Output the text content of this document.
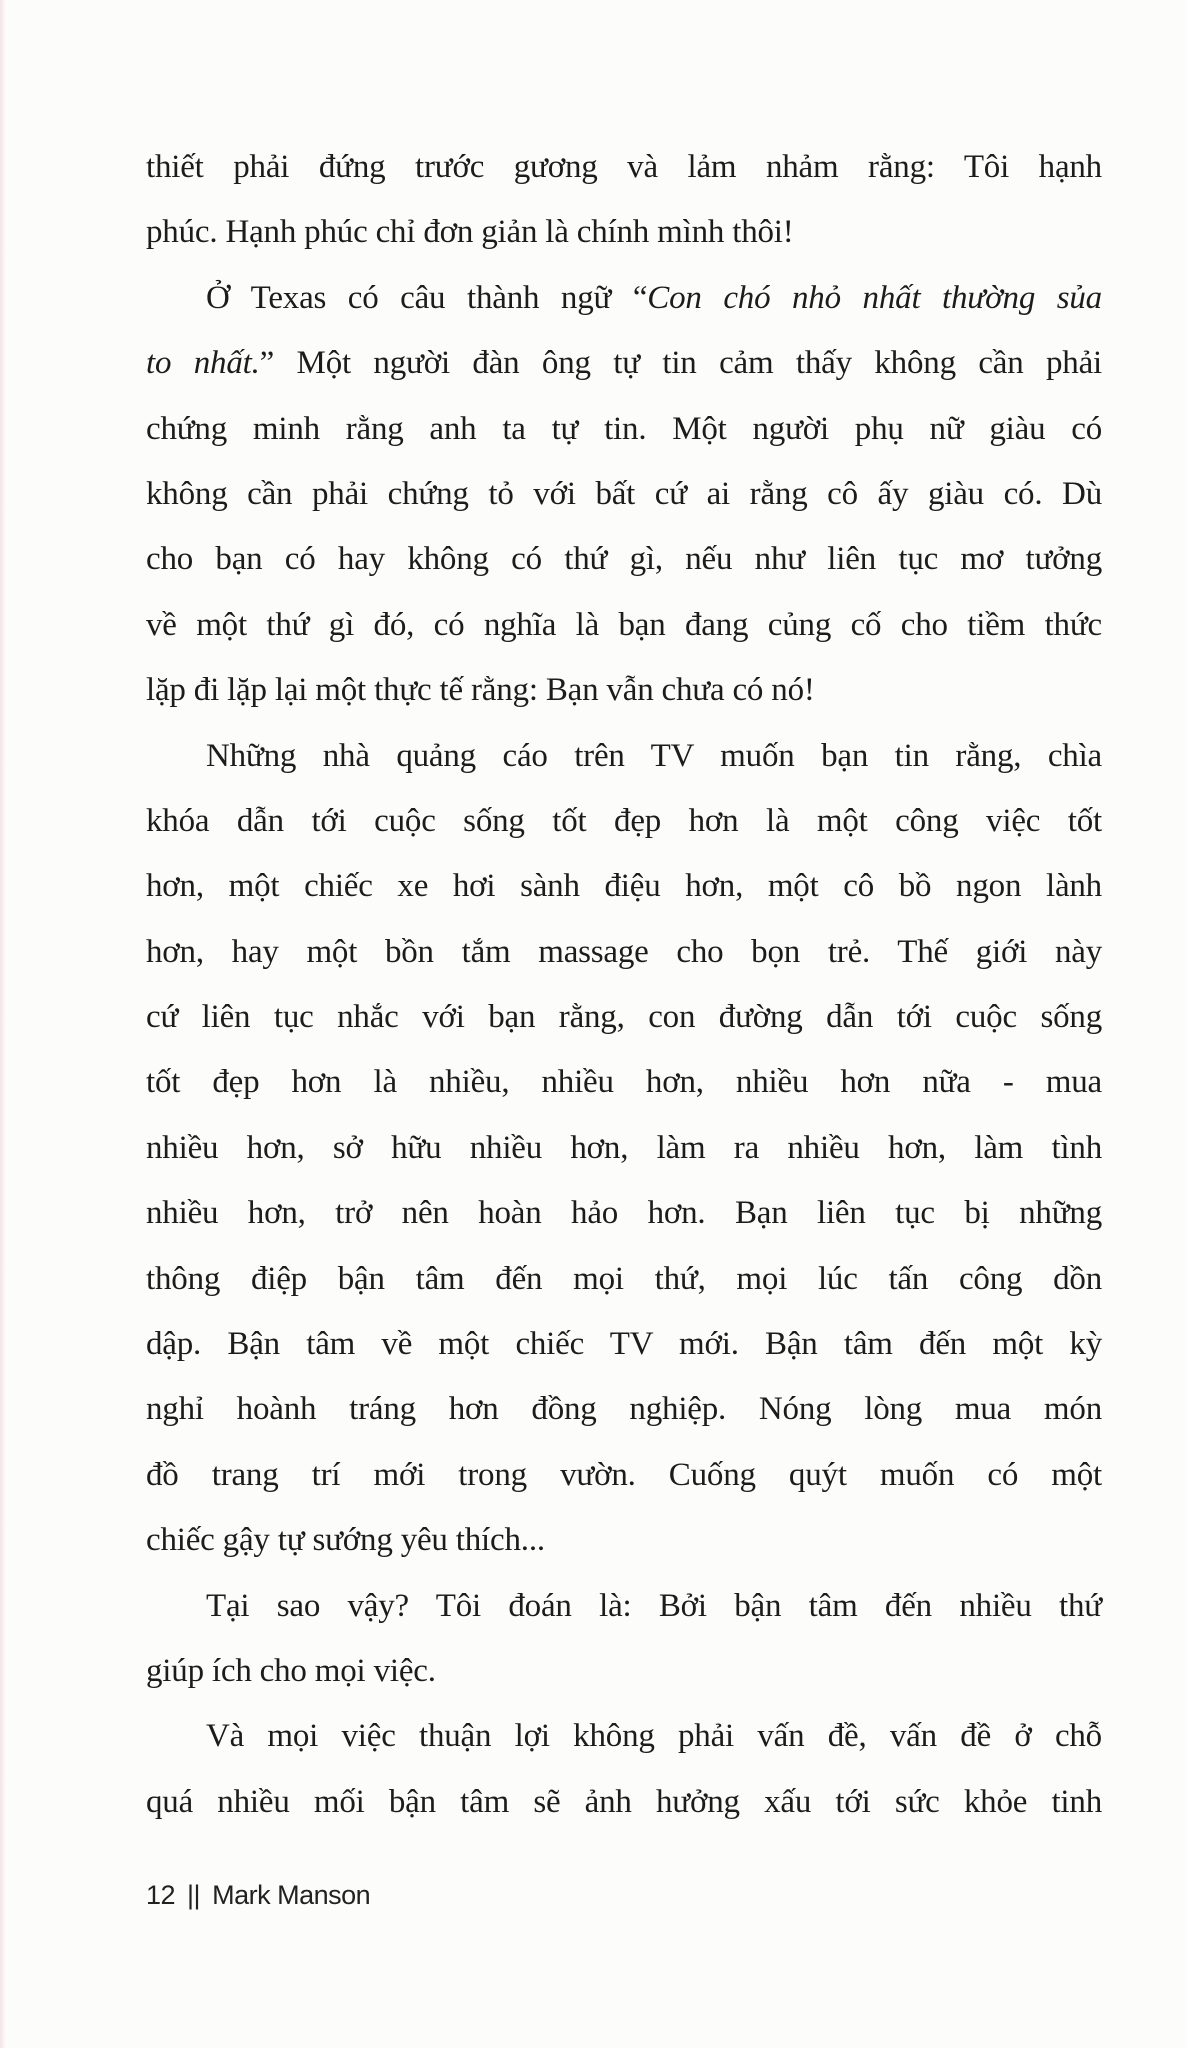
thiết phải đứng trước gương và lảm nhảm rằng: Tôi hạnh
phúc. Hạnh phúc chỉ đơn giản là chính mình thôi!
Ở Texas có câu thành ngữ “Con chó nhỏ nhất thường sủa
to nhất.” Một người đàn ông tự tin cảm thấy không cần phải
chứng minh rằng anh ta tự tin. Một người phụ nữ giàu có
không cần phải chứng tỏ với bất cứ ai rằng cô ấy giàu có. Dù
cho bạn có hay không có thứ gì, nếu như liên tục mơ tưởng
về một thứ gì đó, có nghĩa là bạn đang củng cố cho tiềm thức
lặp đi lặp lại một thực tế rằng: Bạn vẫn chưa có nó!
Những nhà quảng cáo trên TV muốn bạn tin rằng, chìa
khóa dẫn tới cuộc sống tốt đẹp hơn là một công việc tốt
hơn, một chiếc xe hơi sành điệu hơn, một cô bồ ngon lành
hơn, hay một bồn tắm massage cho bọn trẻ. Thế giới này
cứ liên tục nhắc với bạn rằng, con đường dẫn tới cuộc sống
tốt đẹp hơn là nhiều, nhiều hơn, nhiều hơn nữa - mua
nhiều hơn, sở hữu nhiều hơn, làm ra nhiều hơn, làm tình
nhiều hơn, trở nên hoàn hảo hơn. Bạn liên tục bị những
thông điệp bận tâm đến mọi thứ, mọi lúc tấn công dồn
dập. Bận tâm về một chiếc TV mới. Bận tâm đến một kỳ
nghỉ hoành tráng hơn đồng nghiệp. Nóng lòng mua món
đồ trang trí mới trong vườn. Cuống quýt muốn có một
chiếc gậy tự sướng yêu thích...
Tại sao vậy? Tôi đoán là: Bởi bận tâm đến nhiều thứ
giúp ích cho mọi việc.
Và mọi việc thuận lợi không phải vấn đề, vấn đề ở chỗ
quá nhiều mối bận tâm sẽ ảnh hưởng xấu tới sức khỏe tinh
12 || Mark Manson
